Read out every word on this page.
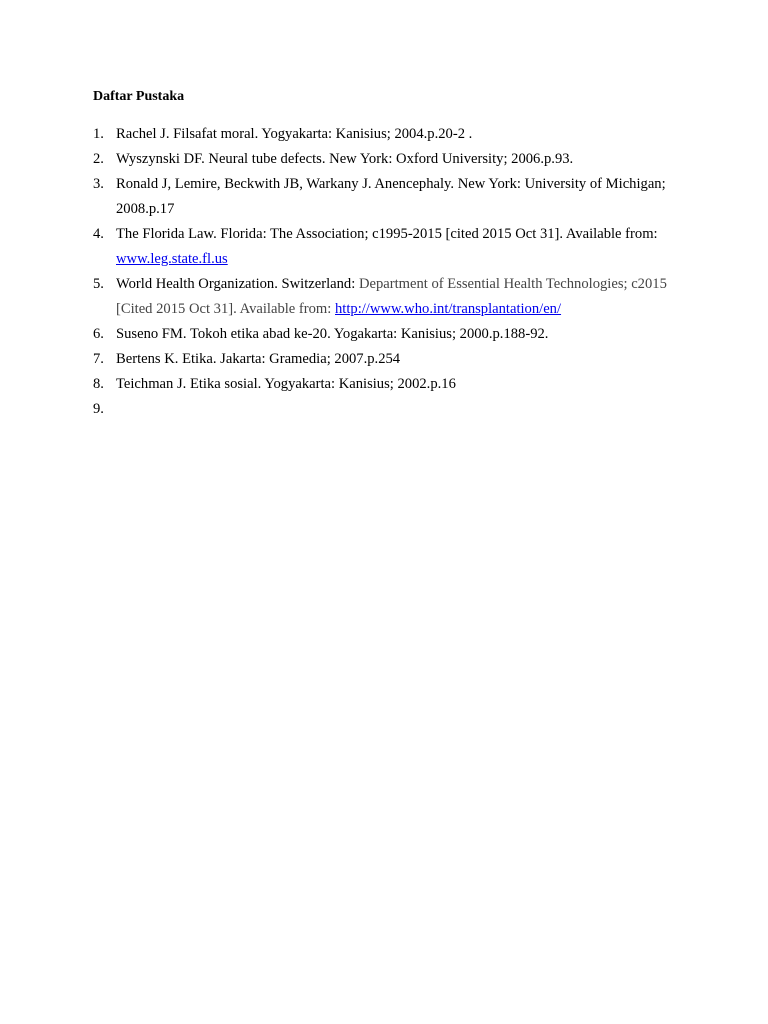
Daftar Pustaka
1. Rachel J. Filsafat moral. Yogyakarta: Kanisius; 2004.p.20-2 .
2. Wyszynski DF. Neural tube defects. New York: Oxford University; 2006.p.93.
3. Ronald J, Lemire, Beckwith JB, Warkany J. Anencephaly. New York: University of Michigan; 2008.p.17
4. The Florida Law. Florida: The Association; c1995-2015 [cited 2015 Oct 31]. Available from: www.leg.state.fl.us
5. World Health Organization. Switzerland: Department of Essential Health Technologies; c2015 [Cited 2015 Oct 31]. Available from: http://www.who.int/transplantation/en/
6. Suseno FM. Tokoh etika abad ke-20. Yogakarta: Kanisius; 2000.p.188-92.
7. Bertens K. Etika. Jakarta: Gramedia; 2007.p.254
8. Teichman J. Etika sosial. Yogyakarta: Kanisius; 2002.p.16
9.
